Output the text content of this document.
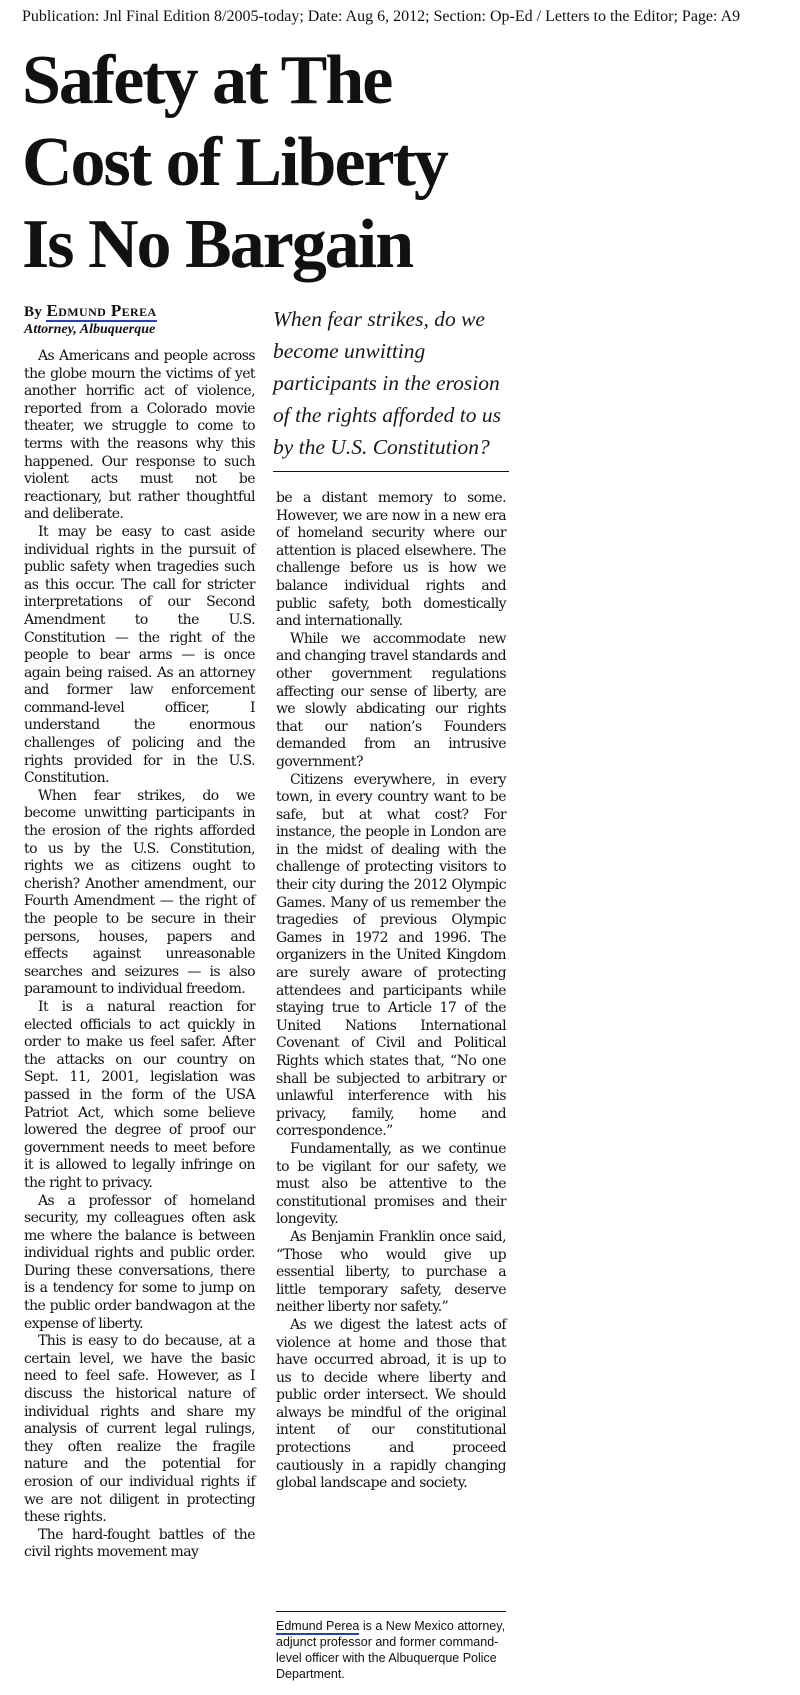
Publication: Jnl Final Edition 8/2005-today; Date: Aug 6, 2012; Section: Op-Ed / Letters to the Editor; Page: A9
Safety at The
Cost of Liberty
Is No Bargain
By Edmund Perea
Attorney, Albuquerque	When fear strikes, do we become unwitting participants in the erosion of the rights afforded to us by the U.S. Constitution?

As Americans and people across the globe mourn the victims of yet another horrific act of violence, reported from a Colorado movie theater, we struggle to come to terms with the reasons why this happened. Our response to such violent acts must not be reactionary, but rather thoughtful and deliberate.

It may be easy to cast aside individual rights in the pursuit of public safety when tragedies such as this occur. The call for stricter interpretations of our Second Amendment to the U.S. Constitution — the right of the people to bear arms — is once again being raised. As an attorney and former law enforcement command-level officer, I understand the enormous challenges of policing and the rights provided for in the U.S. Constitution.

When fear strikes, do we become unwitting participants in the erosion of the rights afforded to us by the U.S. Constitution, rights we as citizens ought to cherish? Another amendment, our Fourth Amendment — the right of the people to be secure in their persons, houses, papers and effects against unreasonable searches and seizures — is also paramount to individual freedom.

It is a natural reaction for elected officials to act quickly in order to make us feel safer. After the attacks on our country on Sept. 11, 2001, legislation was passed in the form of the USA Patriot Act, which some believe lowered the degree of proof our government needs to meet before it is allowed to legally infringe on the right to privacy.

As a professor of homeland security, my colleagues often ask me where the balance is between individual rights and public order. During these conversations, there is a tendency for some to jump on the public order bandwagon at the expense of liberty.

This is easy to do because, at a certain level, we have the basic need to feel safe. However, as I discuss the historical nature of individual rights and share my analysis of current legal rulings, they often realize the fragile nature and the potential for erosion of our individual rights if we are not diligent in protecting these rights.

The hard-fought battles of the civil rights movement may

be a distant memory to some. However, we are now in a new era of homeland security where our attention is placed elsewhere. The challenge before us is how we balance individual rights and public safety, both domestically and internationally.

While we accommodate new and changing travel standards and other government regulations affecting our sense of liberty, are we slowly abdicating our rights that our nation’s Founders demanded from an intrusive government?

Citizens everywhere, in every town, in every country want to be safe, but at what cost? For instance, the people in London are in the midst of dealing with the challenge of protecting visitors to their city during the 2012 Olympic Games. Many of us remember the tragedies of previous Olympic Games in 1972 and 1996. The organizers in the United Kingdom are surely aware of protecting attendees and participants while staying true to Article 17 of the United Nations International Covenant of Civil and Political Rights which states that, “No one shall be subjected to arbitrary or unlawful interference with his privacy, family, home and correspondence.”

Fundamentally, as we continue to be vigilant for our safety, we must also be attentive to the constitutional promises and their longevity.

As Benjamin Franklin once said, “Those who would give up essential liberty, to purchase a little temporary safety, deserve neither liberty nor safety.”

As we digest the latest acts of violence at home and those that have occurred abroad, it is up to us to decide where liberty and public order intersect. We should always be mindful of the original intent of our constitutional protections and proceed cautiously in a rapidly changing global landscape and society.

Edmund Perea is a New Mexico attorney, adjunct professor and former command-level officer with the Albuquerque Police Department.
